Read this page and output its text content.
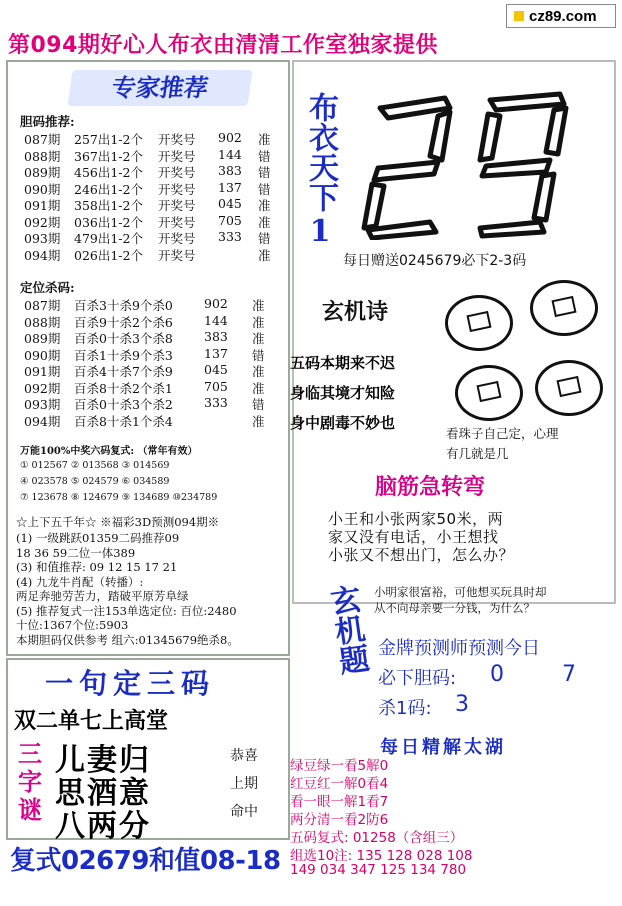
cz89.com
第094期好心人布衣由清清工作室独家提供
专家推荐
胆码推荐:
087期 257出1-2个 开奖号 902 准
088期 367出1-2个 开奖号 144 错
089期 456出1-2个 开奖号 383 错
090期 246出1-2个 开奖号 137 错
091期 358出1-2个 开奖号 045 准
092期 036出1-2个 开奖号 705 准
093期 479出1-2个 开奖号 333 错
094期 026出1-2个 开奖号	准
定位杀码:
087期 百杀3十杀9个杀0 902 准
088期 百杀9十杀2个杀6 144 准
089期 百杀0十杀3个杀8 383 准
090期 百杀1十杀9个杀3 137 错
091期 百杀4十杀7个杀9 045 准
092期 百杀8十杀2个杀1 705 准
093期 百杀0十杀3个杀2 333 错
094期 百杀8十杀1个杀4	准
万能100%中奖六码复式: （常年有效）
① 012567 ② 013568 ③ 014569
④ 023578 ⑤ 024579 ⑥ 034589
⑦ 123678 ⑧ 124679 ⑨ 134689 ⑩234789
☆上下五千年☆ ※福彩3D预测094期※
(1) 一级跳跃01359二码推荐09
18 36 59二位一体389
(3) 和值推荐: 09 12 15 17 21
(4) 九龙牛肖配（转播）:
两足奔驰劳苦力，踏破平原芳阜绿
(5) 推荐复式一注153单选定位: 百位:2480
十位:1367个位:5903
本期胆码仅供参考 组六:01345679绝杀8。
布衣天下
1
每日赠送0245679必下2-3码
玄机诗
五码本期来不迟
身临其境才知险
身中剧毒不妙也
看珠子自己定，心理
有几就是几
脑筋急转弯
小王和小张两家50米，两
家又没有电话，小王想找
小张又不想出门，怎么办？
玄机题 小明家很富裕，可他想买玩具时却
从不向母亲要一分钱，为什么？
金牌预测师预测今日
必下胆码: 0	7
杀1码: 3
一句定三码
双二单七上高堂
三
字
谜
儿妻归
思酒意
八两分
恭喜
上期
命中
复式02679和值08-18
每日精解太湖
绿豆绿一看5解0
红豆红一解0看4
看一眼一解1看7
两分清一看2防6
五码复式: 01258（含组三）
组选10注: 135 128 028 108
149 034 347 125 134 780
